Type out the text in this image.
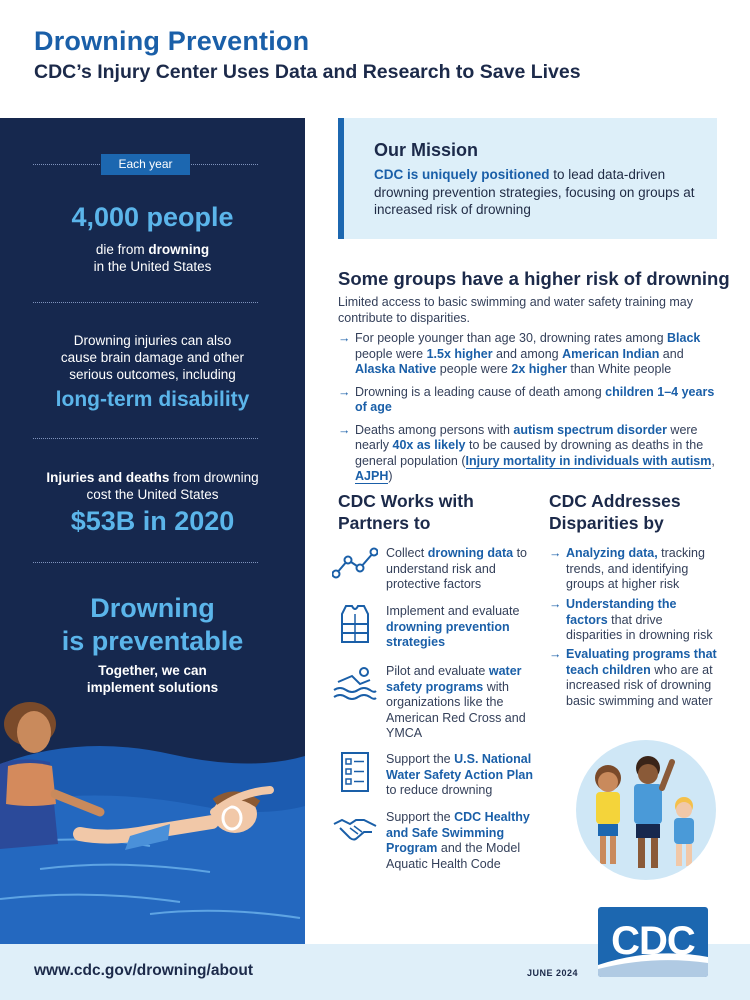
Drowning Prevention
CDC’s Injury Center Uses Data and Research to Save Lives
Each year
4,000 people
die from drowning
in the United States
Drowning injuries can also
cause brain damage and other
serious outcomes, including
long-term disability
Injuries and deaths from drowning
cost the United States
$53B in 2020
Drowning
is preventable
Together, we can
implement solutions
Our Mission
CDC is uniquely positioned to lead data-driven drowning prevention strategies, focusing on groups at increased risk of drowning
Some groups have a higher risk of drowning
Limited access to basic swimming and water safety training may contribute to disparities.
→ For people younger than age 30, drowning rates among Black people were 1.5x higher and among American Indian and Alaska Native people were 2x higher than White people
→ Drowning is a leading cause of death among children 1–4 years of age
→ Deaths among persons with autism spectrum disorder were nearly 40x as likely to be caused by drowning as deaths in the general population (Injury mortality in individuals with autism, AJPH)
CDC Works with
Partners to
Collect drowning data to understand risk and protective factors
Implement and evaluate drowning prevention strategies
Pilot and evaluate water safety programs with organizations like the American Red Cross and YMCA
Support the U.S. National Water Safety Action Plan to reduce drowning
Support the CDC Healthy and Safe Swimming Program and the Model Aquatic Health Code
CDC Addresses
Disparities by
→ Analyzing data, tracking trends, and identifying groups at higher risk
→ Understanding the factors that drive disparities in drowning risk
→ Evaluating programs that teach children who are at increased risk of drowning basic swimming and water
www.cdc.gov/drowning/about	JUNE 2024
CDC
